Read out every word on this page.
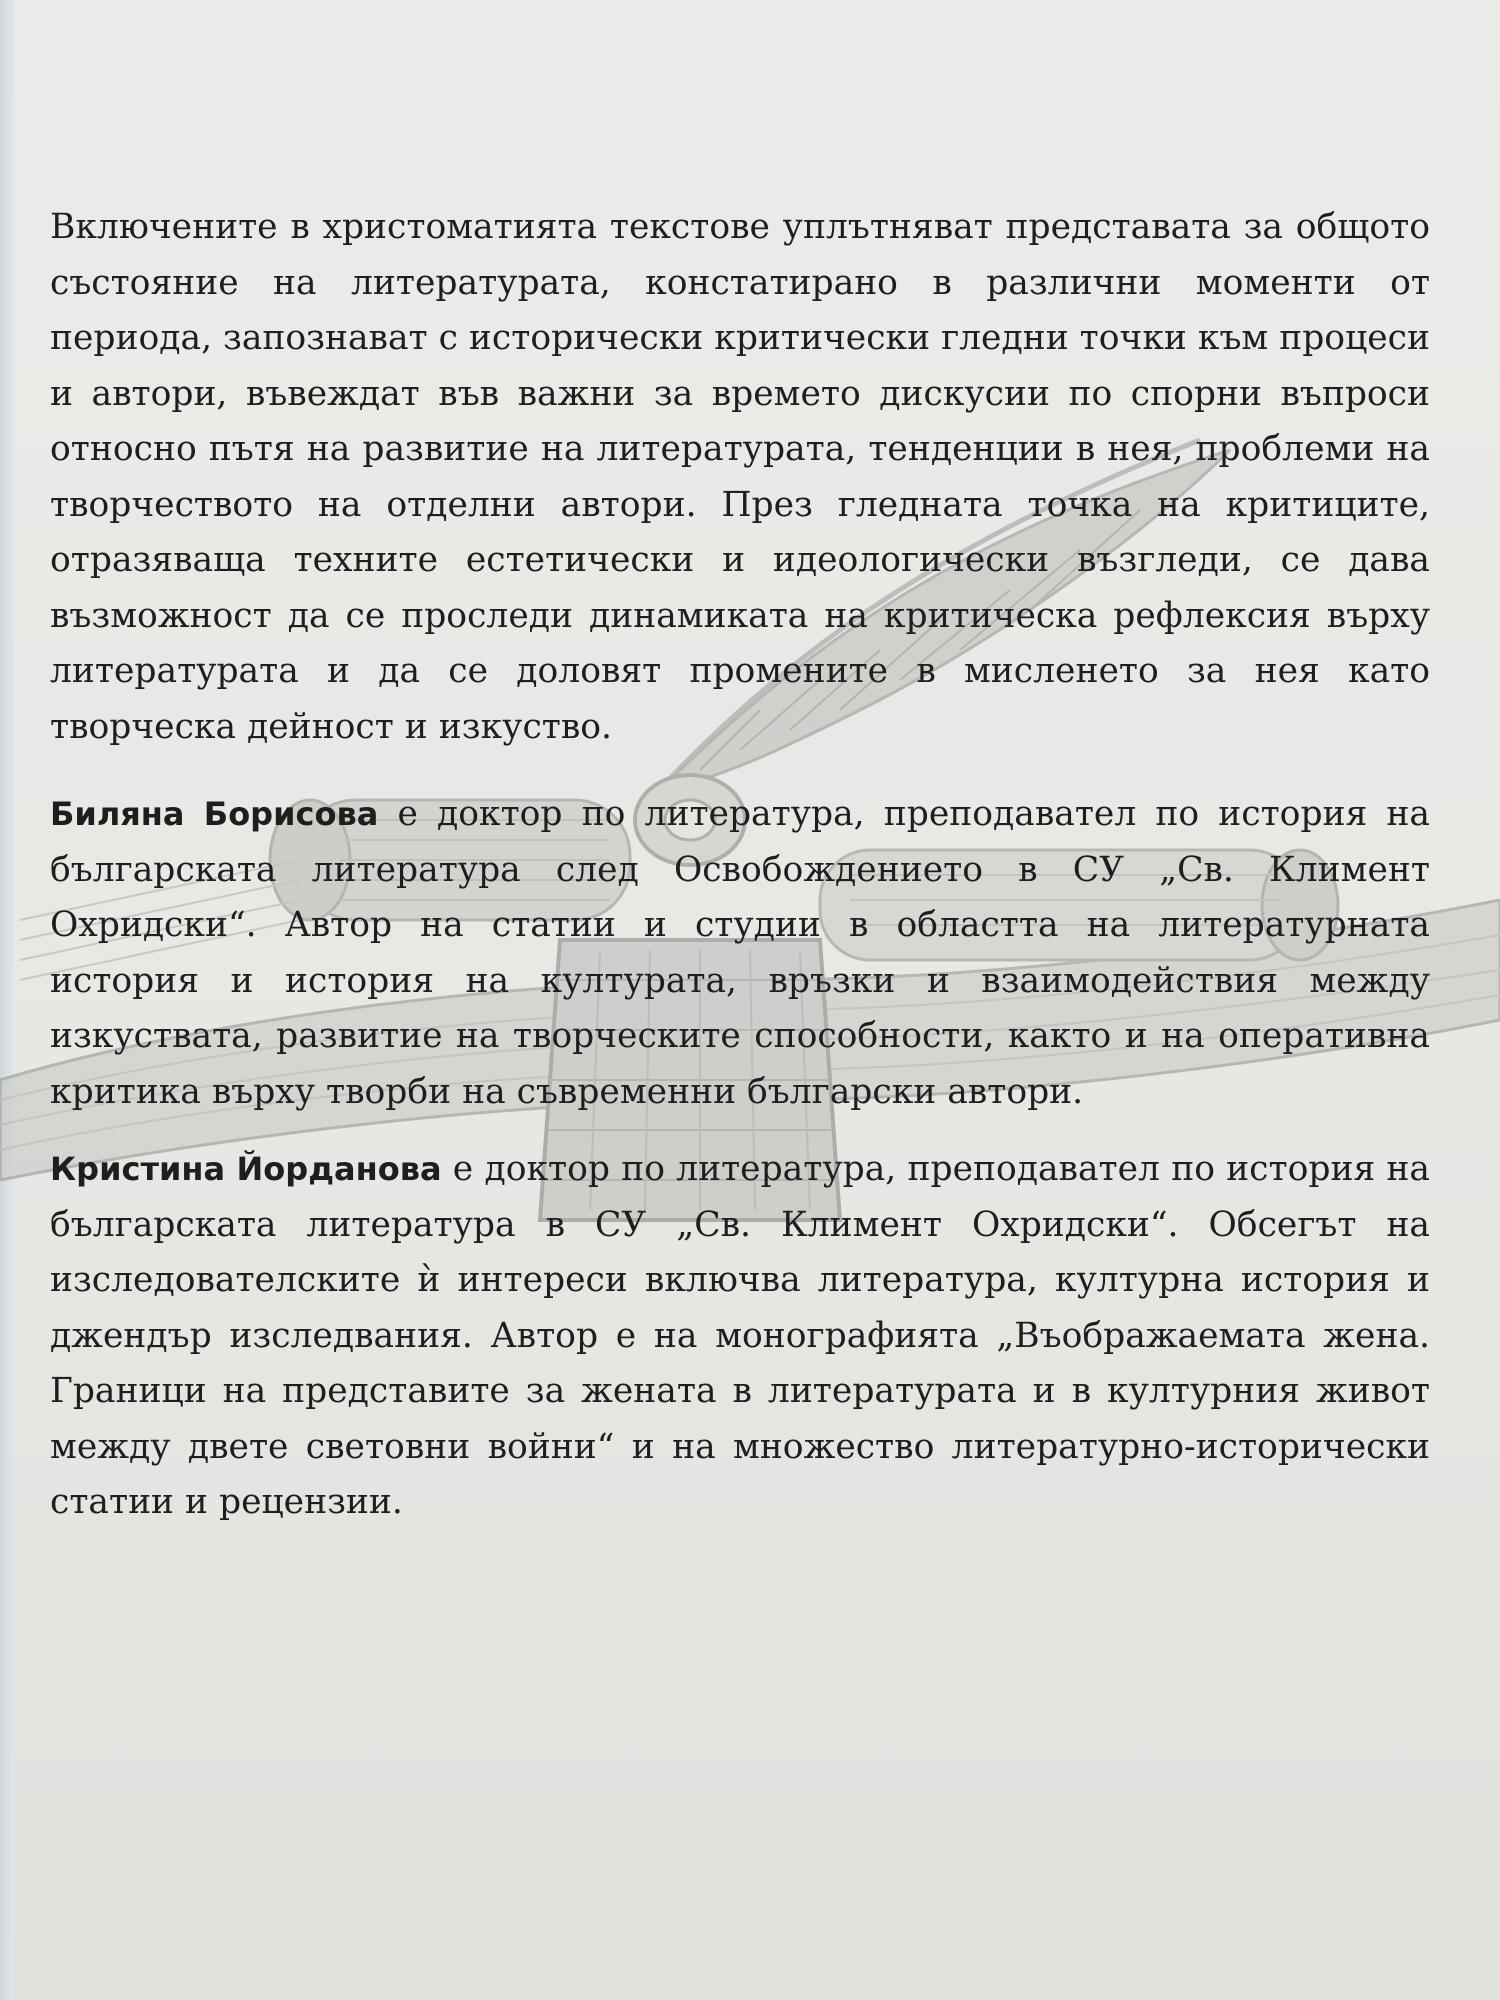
Включените в христоматията текстове уплътняват представата за общото състояние на литературата, констатирано в различни моменти от периода, запознават с исторически критически гледни точки към процеси и автори, въвеждат във важни за времето дискусии по спорни въпроси относно пътя на развитие на литературата, тенденции в нея, проблеми на творчеството на отделни автори. През гледната точка на критиците, отразяваща техните естетически и идеологически възгледи, се дава възможност да се проследи динамиката на критическа рефлексия върху литературата и да се доловят промените в мисленето за нея като творческа дейност и изкуство.

Биляна Борисова е доктор по литература, преподавател по история на българската литература след Освобождението в СУ „Св. Климент Охридски“. Автор на статии и студии в областта на литературната история и история на културата, връзки и взаимодействия между изкуствата, развитие на творческите способности, както и на оперативна критика върху творби на съвременни български автори.

Кристина Йорданова е доктор по литература, преподавател по история на българската литература в СУ „Св. Климент Охридски“. Обсегът на изследователските ѝ интереси включва литература, културна история и джендър изследвания. Автор е на монографията „Въображаемата жена. Граници на представите за жената в литературата и в културния живот между двете световни войни“ и на множество литературно-исторически статии и рецензии.
